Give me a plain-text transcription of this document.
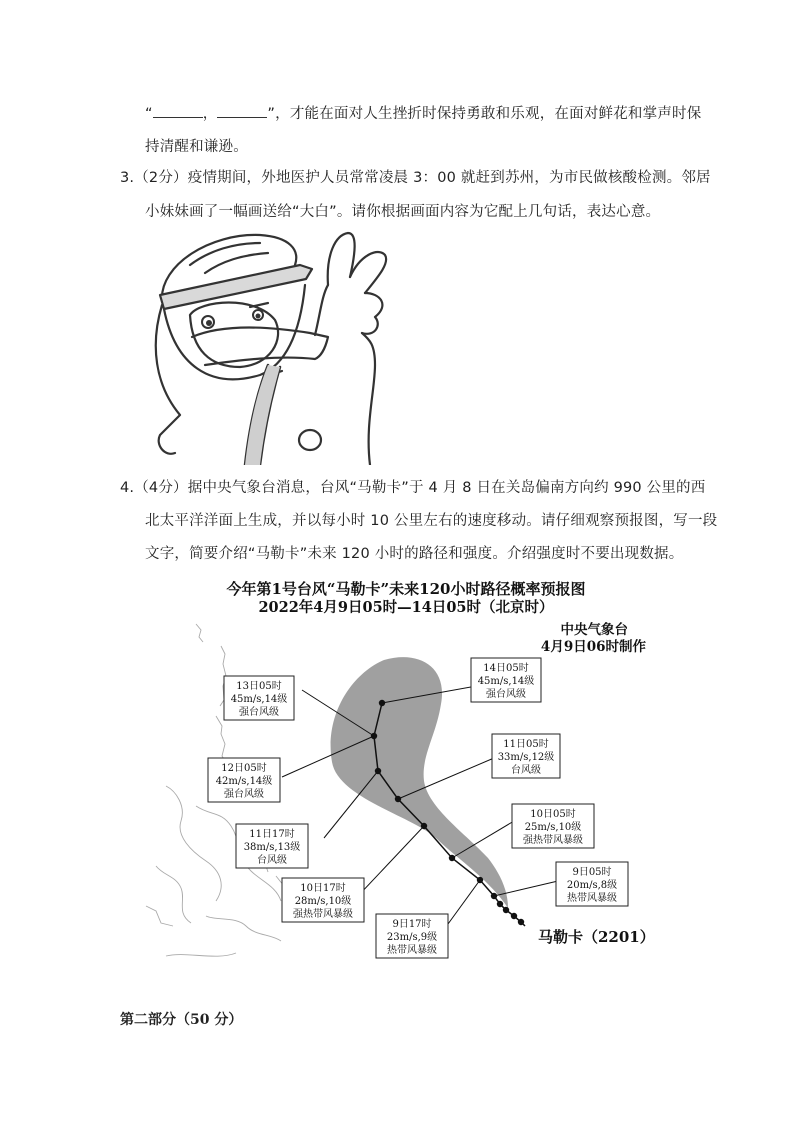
“	，	”，才能在面对人生挫折时保持勇敢和乐观，在面对鲜花和掌声时保
持清醒和谦逊。
3.（2分）疫情期间，外地医护人员常常凌晨 3：00 就赶到苏州，为市民做核酸检测。邻居
小妹妹画了一幅画送给“大白”。请你根据画面内容为它配上几句话，表达心意。
4.（4分）据中央气象台消息，台风“马勒卡”于 4 月 8 日在关岛偏南方向约 990 公里的西
北太平洋洋面上生成，并以每小时 10 公里左右的速度移动。请仔细观察预报图，写一段
文字，简要介绍“马勒卡”未来 120 小时的路径和强度。介绍强度时不要出现数据。
今年第1号台风“马勒卡”未来120小时路径概率预报图
2022年4月9日05时—14日05时（北京时）
中央气象台
4月9日06时制作
14日05时
45m/s,14级
强台风级
13日05时
45m/s,14级
强台风级
12日05时
42m/s,14级
强台风级
11日05时
33m/s,12级
台风级
11日17时
38m/s,13级
台风级
10日05时
25m/s,10级
强热带风暴级
10日17时
28m/s,10级
强热带风暴级
9日05时
20m/s,8级
热带风暴级
9日17时
23m/s,9级
热带风暴级
马勒卡（2201）
第二部分（50 分）
